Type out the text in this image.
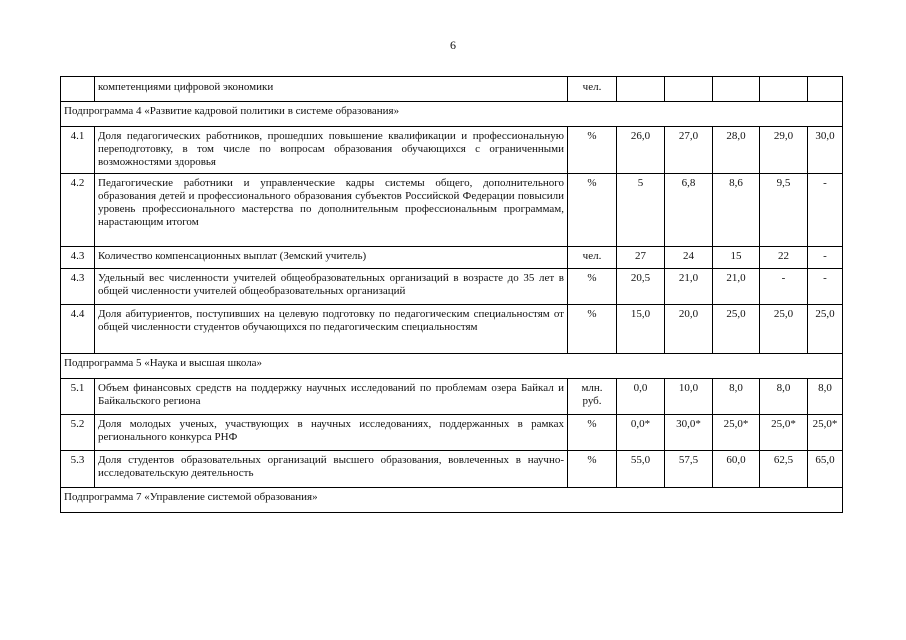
6
	компетенциями цифровой экономики	чел.					
Подпрограмма 4 «Развитие кадровой политики в системе образования»							
4.1	Доля педагогических работников, прошедших повышение квалификации и профессиональную переподготовку, в том числе по вопросам образования обучающихся с ограниченными возможностями здоровья	%	26,0	27,0	28,0	29,0	30,0
4.2	Педагогические работники и управленческие кадры системы общего, дополнительного образования детей и профессионального образования субъектов Российской Федерации повысили уровень профессионального мастерства по дополнительным профессиональным программам, нарастающим итогом	%	5	6,8	8,6	9,5	-
4.3	Количество компенсационных выплат (Земский учитель)	чел.	27	24	15	22	-
4.3	Удельный вес численности учителей общеобразовательных организаций в возрасте до 35 лет в общей численности учителей общеобразовательных организаций	%	20,5	21,0	21,0	-	-
4.4	Доля абитуриентов, поступивших на целевую подготовку по педагогическим специальностям от общей численности студентов обучающихся по педагогическим специальностям	%	15,0	20,0	25,0	25,0	25,0
Подпрограмма 5 «Наука и высшая школа»							
5.1	Объем финансовых средств на поддержку научных исследований по проблемам озера Байкал и Байкальского региона	млн. руб.	0,0	10,0	8,0	8,0	8,0
5.2	Доля молодых ученых, участвующих в научных исследованиях, поддержанных в рамках регионального конкурса РНФ	%	0,0*	30,0*	25,0*	25,0*	25,0*
5.3	Доля студентов образовательных организаций высшего образования, вовлеченных в научно-исследовательскую деятельность	%	55,0	57,5	60,0	62,5	65,0
Подпрограмма 7 «Управление системой образования»							
